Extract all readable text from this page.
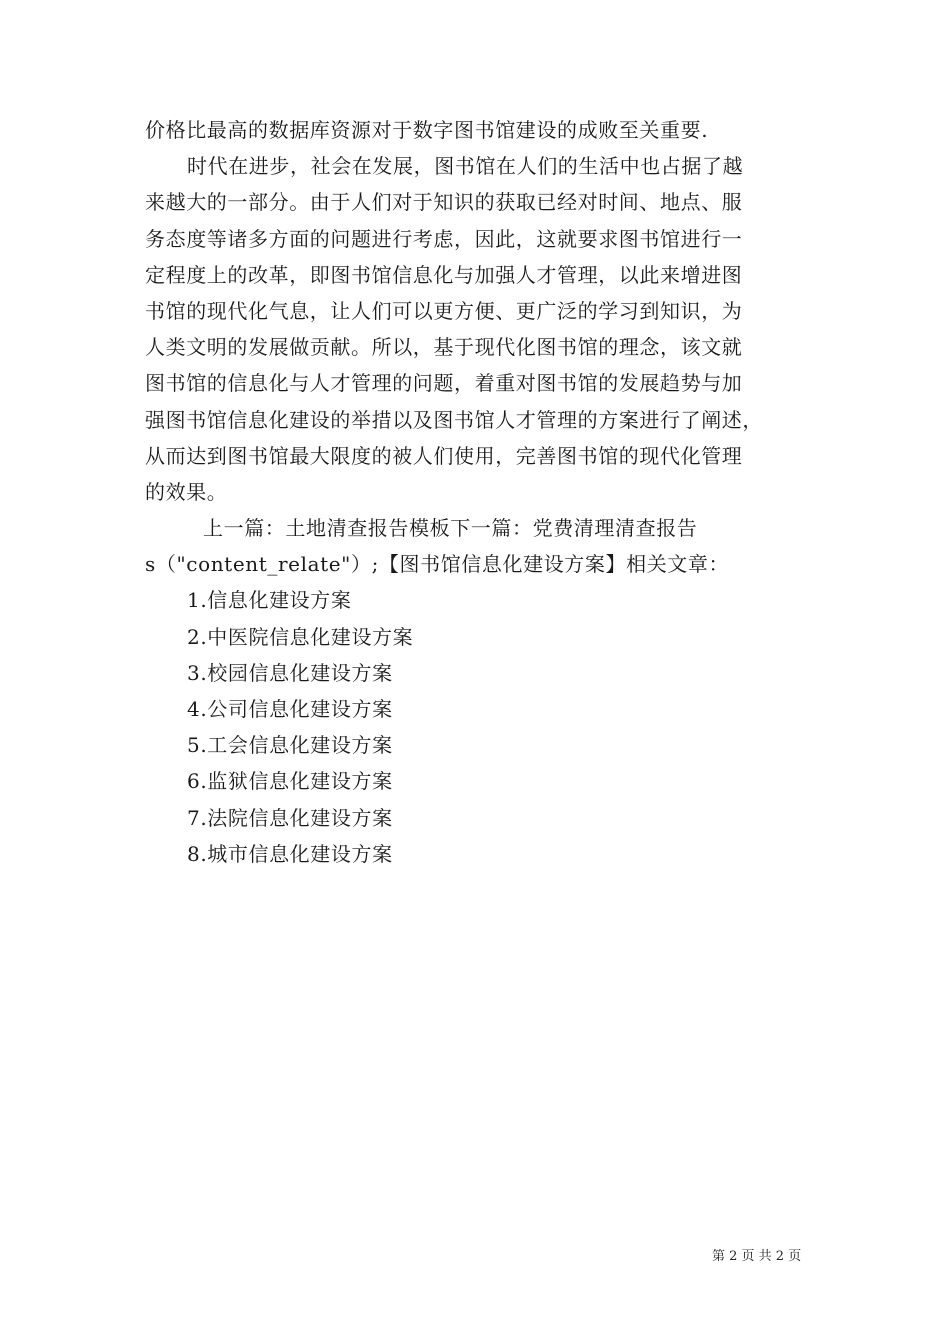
价格比最高的数据库资源对于数字图书馆建设的成败至关重要.
时代在进步，社会在发展，图书馆在人们的生活中也占据了越
来越大的一部分。由于人们对于知识的获取已经对时间、地点、服
务态度等诸多方面的问题进行考虑，因此，这就要求图书馆进行一
定程度上的改革，即图书馆信息化与加强人才管理，以此来增进图
书馆的现代化气息，让人们可以更方便、更广泛的学习到知识，为
人类文明的发展做贡献。所以，基于现代化图书馆的理念，该文就
图书馆的信息化与人才管理的问题，着重对图书馆的发展趋势与加
强图书馆信息化建设的举措以及图书馆人才管理的方案进行了阐述，
从而达到图书馆最大限度的被人们使用，完善图书馆的现代化管理
的效果。
上一篇：土地清查报告模板下一篇：党费清理清查报告
s（"content_relate"）;【图书馆信息化建设方案】相关文章：
1.信息化建设方案
2.中医院信息化建设方案
3.校园信息化建设方案
4.公司信息化建设方案
5.工会信息化建设方案
6.监狱信息化建设方案
7.法院信息化建设方案
8.城市信息化建设方案
第 2 页 共 2 页
